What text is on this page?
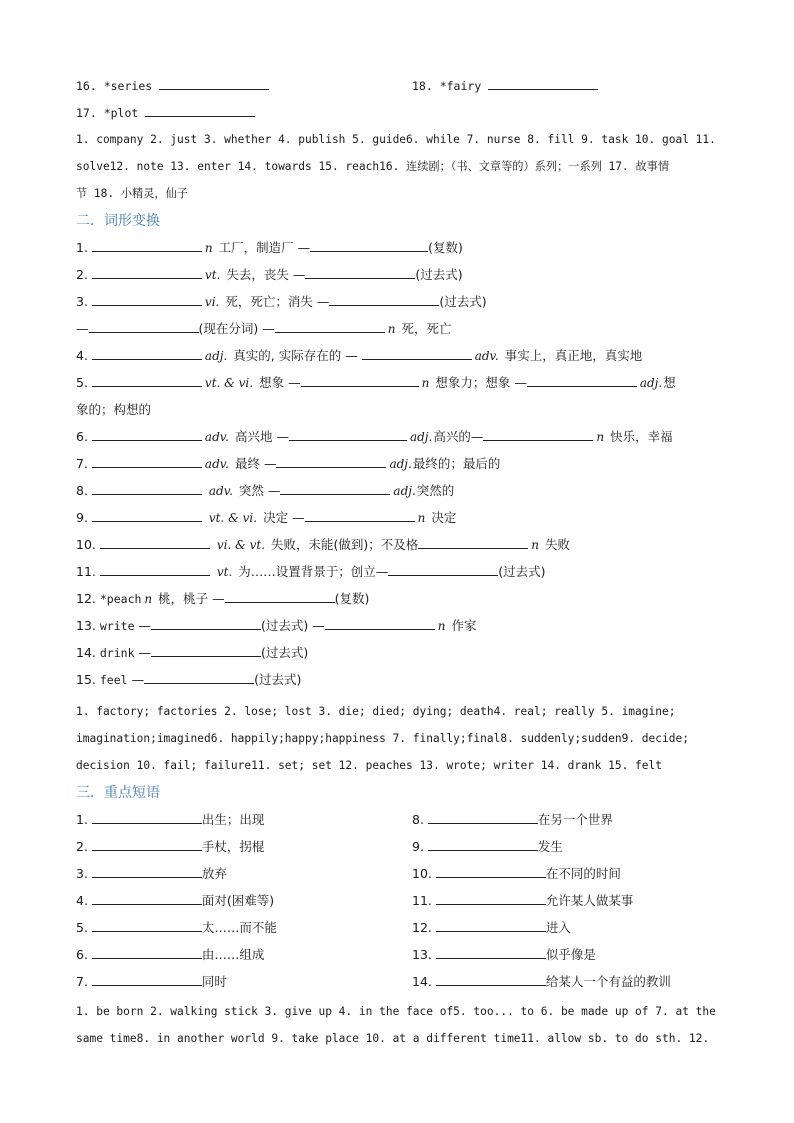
16. *series	18. *fairy
17. *plot
1. company 2. just 3. whether 4. publish 5. guide6. while 7. nurse 8. fill 9. task 10. goal 11.
solve12. note 13. enter 14. towards 15. reach16. 连续剧；（书、文章等的）系列；一系列 17. 故事情
节 18. 小精灵，仙子
二．词形变换
1.	n 工厂，制造厂 —	(复数)
2.	vt. 失去，丧失 —	(过去式)
3.	vi. 死，死亡；消失 —	(过去式)
—	(现在分词) —	n 死，死亡
4.	adj. 真实的, 实际存在的 —	adv. 事实上，真正地，真实地
5.	vt. & vi. 想象 —	n 想象力；想象 —	adj.想
象的；构想的
6.	adv. 高兴地 —	adj.高兴的—	n 快乐，幸福
7.	adv. 最终 —	adj.最终的；最后的
8.	adv. 突然 —	adj.突然的
9.	vt. & vi. 决定 —	n 决定
10.	vi. & vt. 失败，未能(做到)；不及格	n 失败
11.	vt. 为……设置背景于；创立—	(过去式)
12. *peach n 桃，桃子 —	(复数)
13. write —	(过去式) —	n 作家
14. drink —	(过去式)
15. feel —	(过去式)
1. factory; factories 2. lose; lost 3. die; died; dying; death4. real; really 5. imagine;
imagination;imagined6. happily;happy;happiness 7. finally;final8. suddenly;sudden9. decide;
decision 10. fail; failure11. set; set 12. peaches 13. wrote; writer 14. drank 15. felt
三．重点短语
1.	出生；出现	8.	在另一个世界
2.	手杖，拐棍	9.	发生
3.	放弃	10.	在不同的时间
4.	面对(困难等)	11.	允许某人做某事
5.	太……而不能	12.	进入
6.	由……组成	13.	似乎像是
7.	同时	14.	给某人一个有益的教训
1. be born 2. walking stick 3. give up 4. in the face of5. too... to 6. be made up of 7. at the
same time8. in another world 9. take place 10. at a different time11. allow sb. to do sth. 12.
